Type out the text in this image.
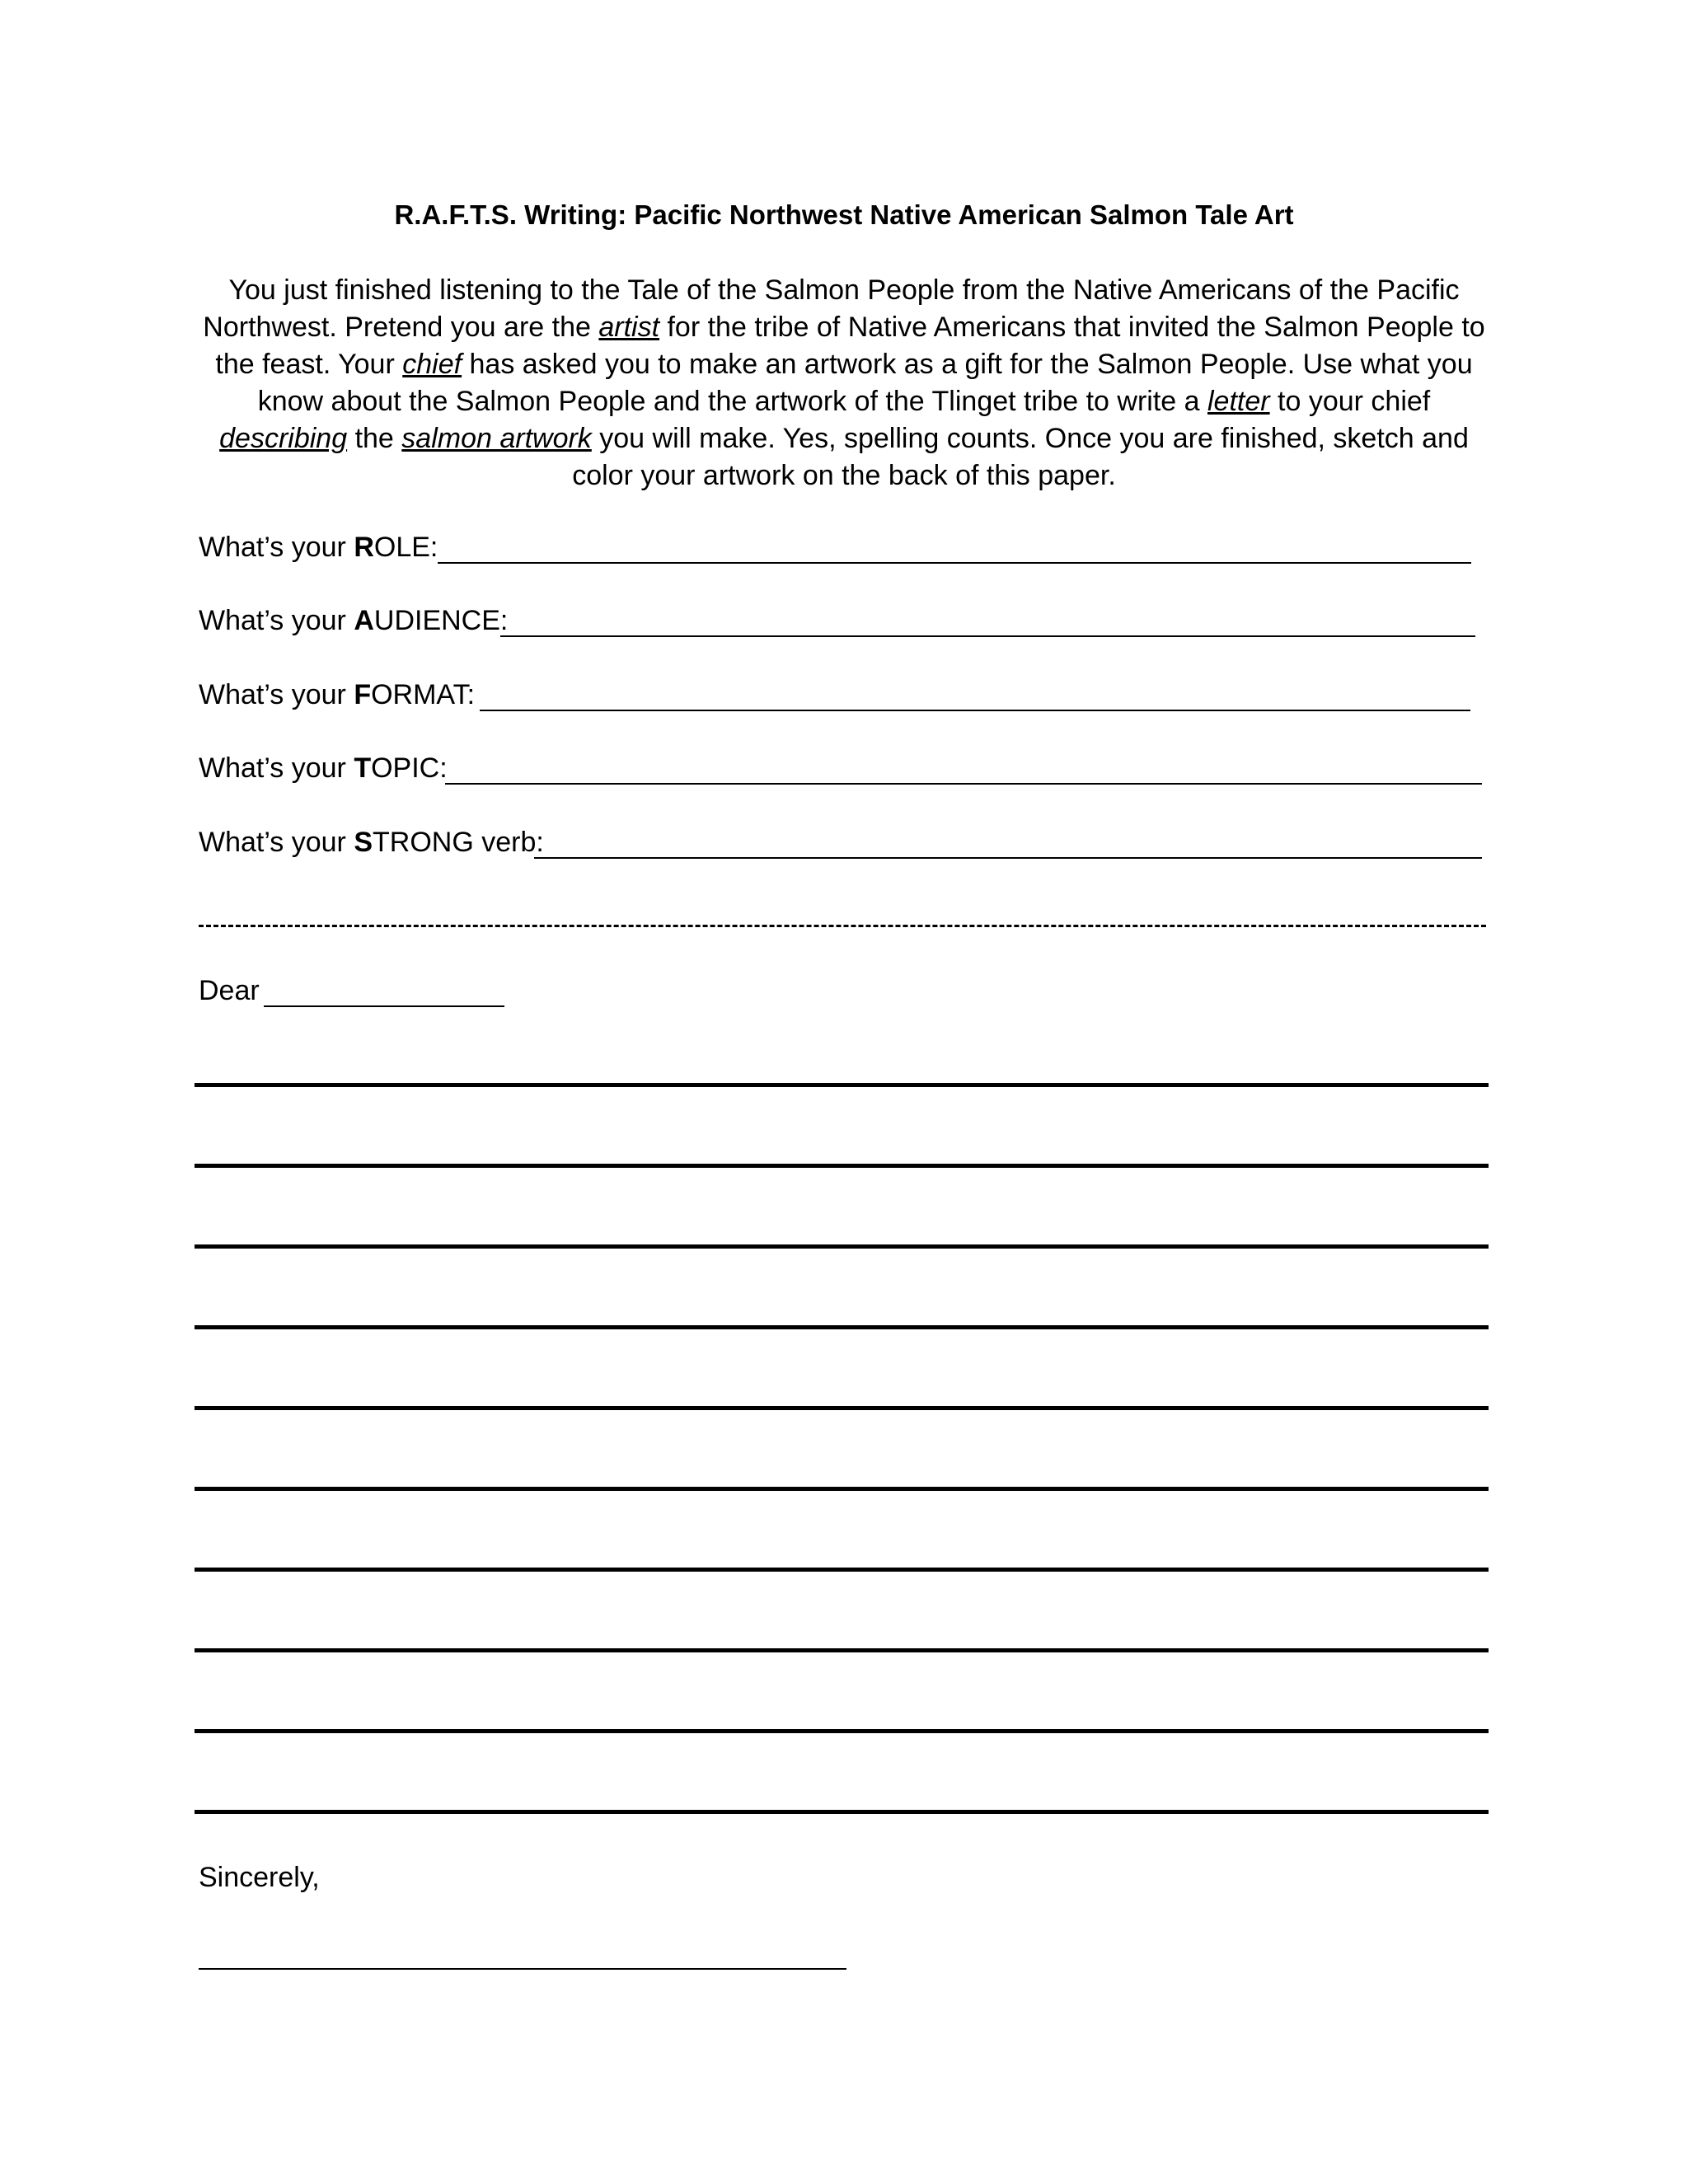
R.A.F.T.S. Writing: Pacific Northwest Native American Salmon Tale Art
You just finished listening to the Tale of the Salmon People from the Native Americans of the Pacific Northwest. Pretend you are the artist for the tribe of Native Americans that invited the Salmon People to the feast. Your chief has asked you to make an artwork as a gift for the Salmon People. Use what you know about the Salmon People and the artwork of the Tlinget tribe to write a letter to your chief describing the salmon artwork you will make. Yes, spelling counts. Once you are finished, sketch and color your artwork on the back of this paper.
What’s your ROLE:
What’s your AUDIENCE:
What’s your FORMAT:
What’s your TOPIC:
What’s your STRONG verb:
Dear
Sincerely,
